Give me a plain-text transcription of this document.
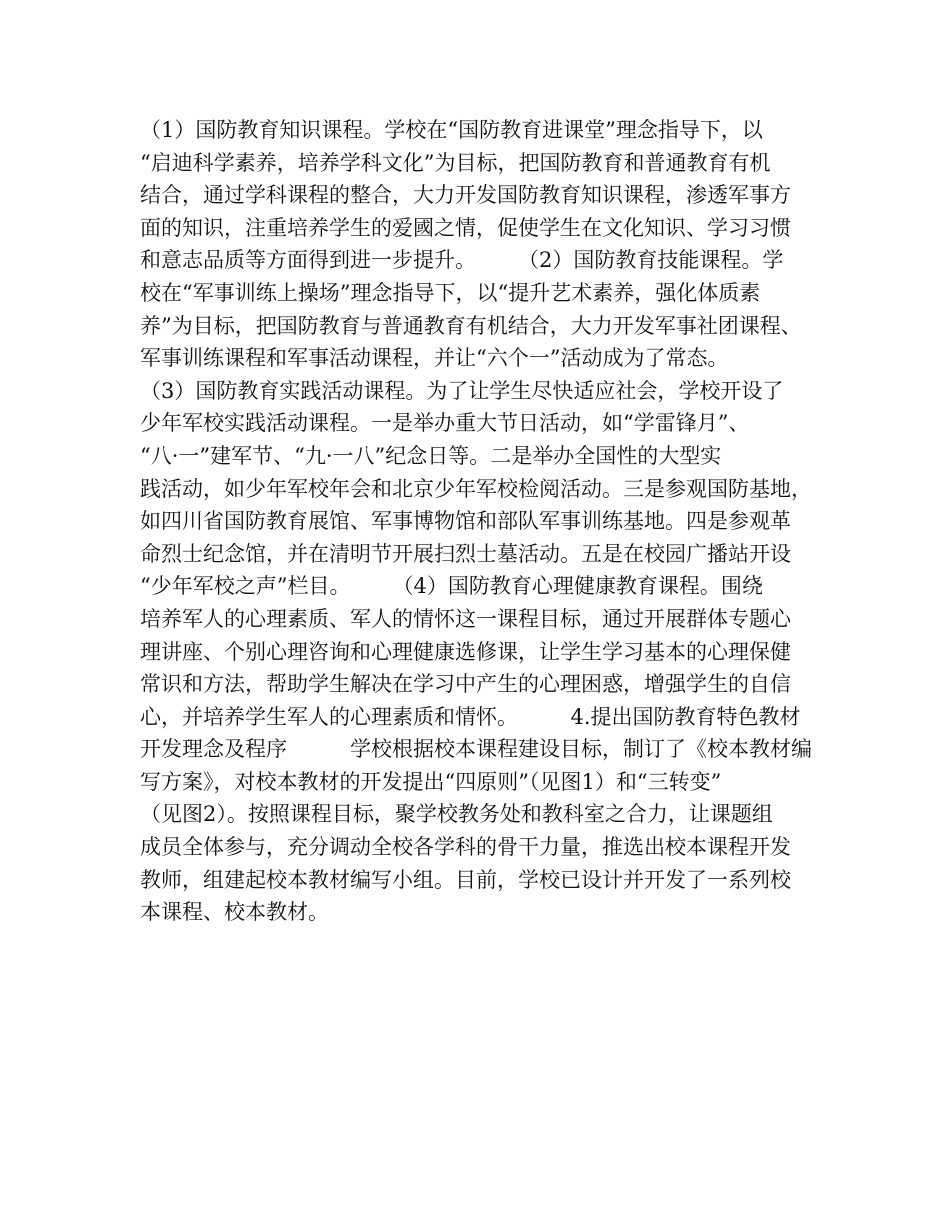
（1）国防教育知识课程。学校在“国防教育进课堂”理念指导下，以
“启迪科学素养，培养学科文化”为目标，把国防教育和普通教育有机
结合，通过学科课程的整合，大力开发国防教育知识课程，渗透军事方
面的知识，注重培养学生的爱國之情，促使学生在文化知识、学习习惯
和意志品质等方面得到进一步提升。　　　（2）国防教育技能课程。学
校在“军事训练上操场”理念指导下，以“提升艺术素养，强化体质素
养”为目标，把国防教育与普通教育有机结合，大力开发军事社团课程、
军事训练课程和军事活动课程，并让“六个一”活动成为了常态。
（3）国防教育实践活动课程。为了让学生尽快适应社会，学校开设了
少年军校实践活动课程。一是举办重大节日活动，如“学雷锋月”、
“八·一”建军节、“九·一八”纪念日等。二是举办全国性的大型实
践活动，如少年军校年会和北京少年军校检阅活动。三是参观国防基地，
如四川省国防教育展馆、军事博物馆和部队军事训练基地。四是参观革
命烈士纪念馆，并在清明节开展扫烈士墓活动。五是在校园广播站开设
“少年军校之声”栏目。　　　（4）国防教育心理健康教育课程。围绕
培养军人的心理素质、军人的情怀这一课程目标，通过开展群体专题心
理讲座、个别心理咨询和心理健康选修课，让学生学习基本的心理保健
常识和方法，帮助学生解决在学习中产生的心理困惑，增强学生的自信
心，并培养学生军人的心理素质和情怀。　　　4.提出国防教育特色教材
开发理念及程序　　　学校根据校本课程建设目标，制订了《校本教材编
写方案》，对校本教材的开发提出“四原则”（见图1）和“三转变”
（见图2）。按照课程目标，聚学校教务处和教科室之合力，让课题组
成员全体参与，充分调动全校各学科的骨干力量，推选出校本课程开发
教师，组建起校本教材编写小组。目前，学校已设计并开发了一系列校
本课程、校本教材。
